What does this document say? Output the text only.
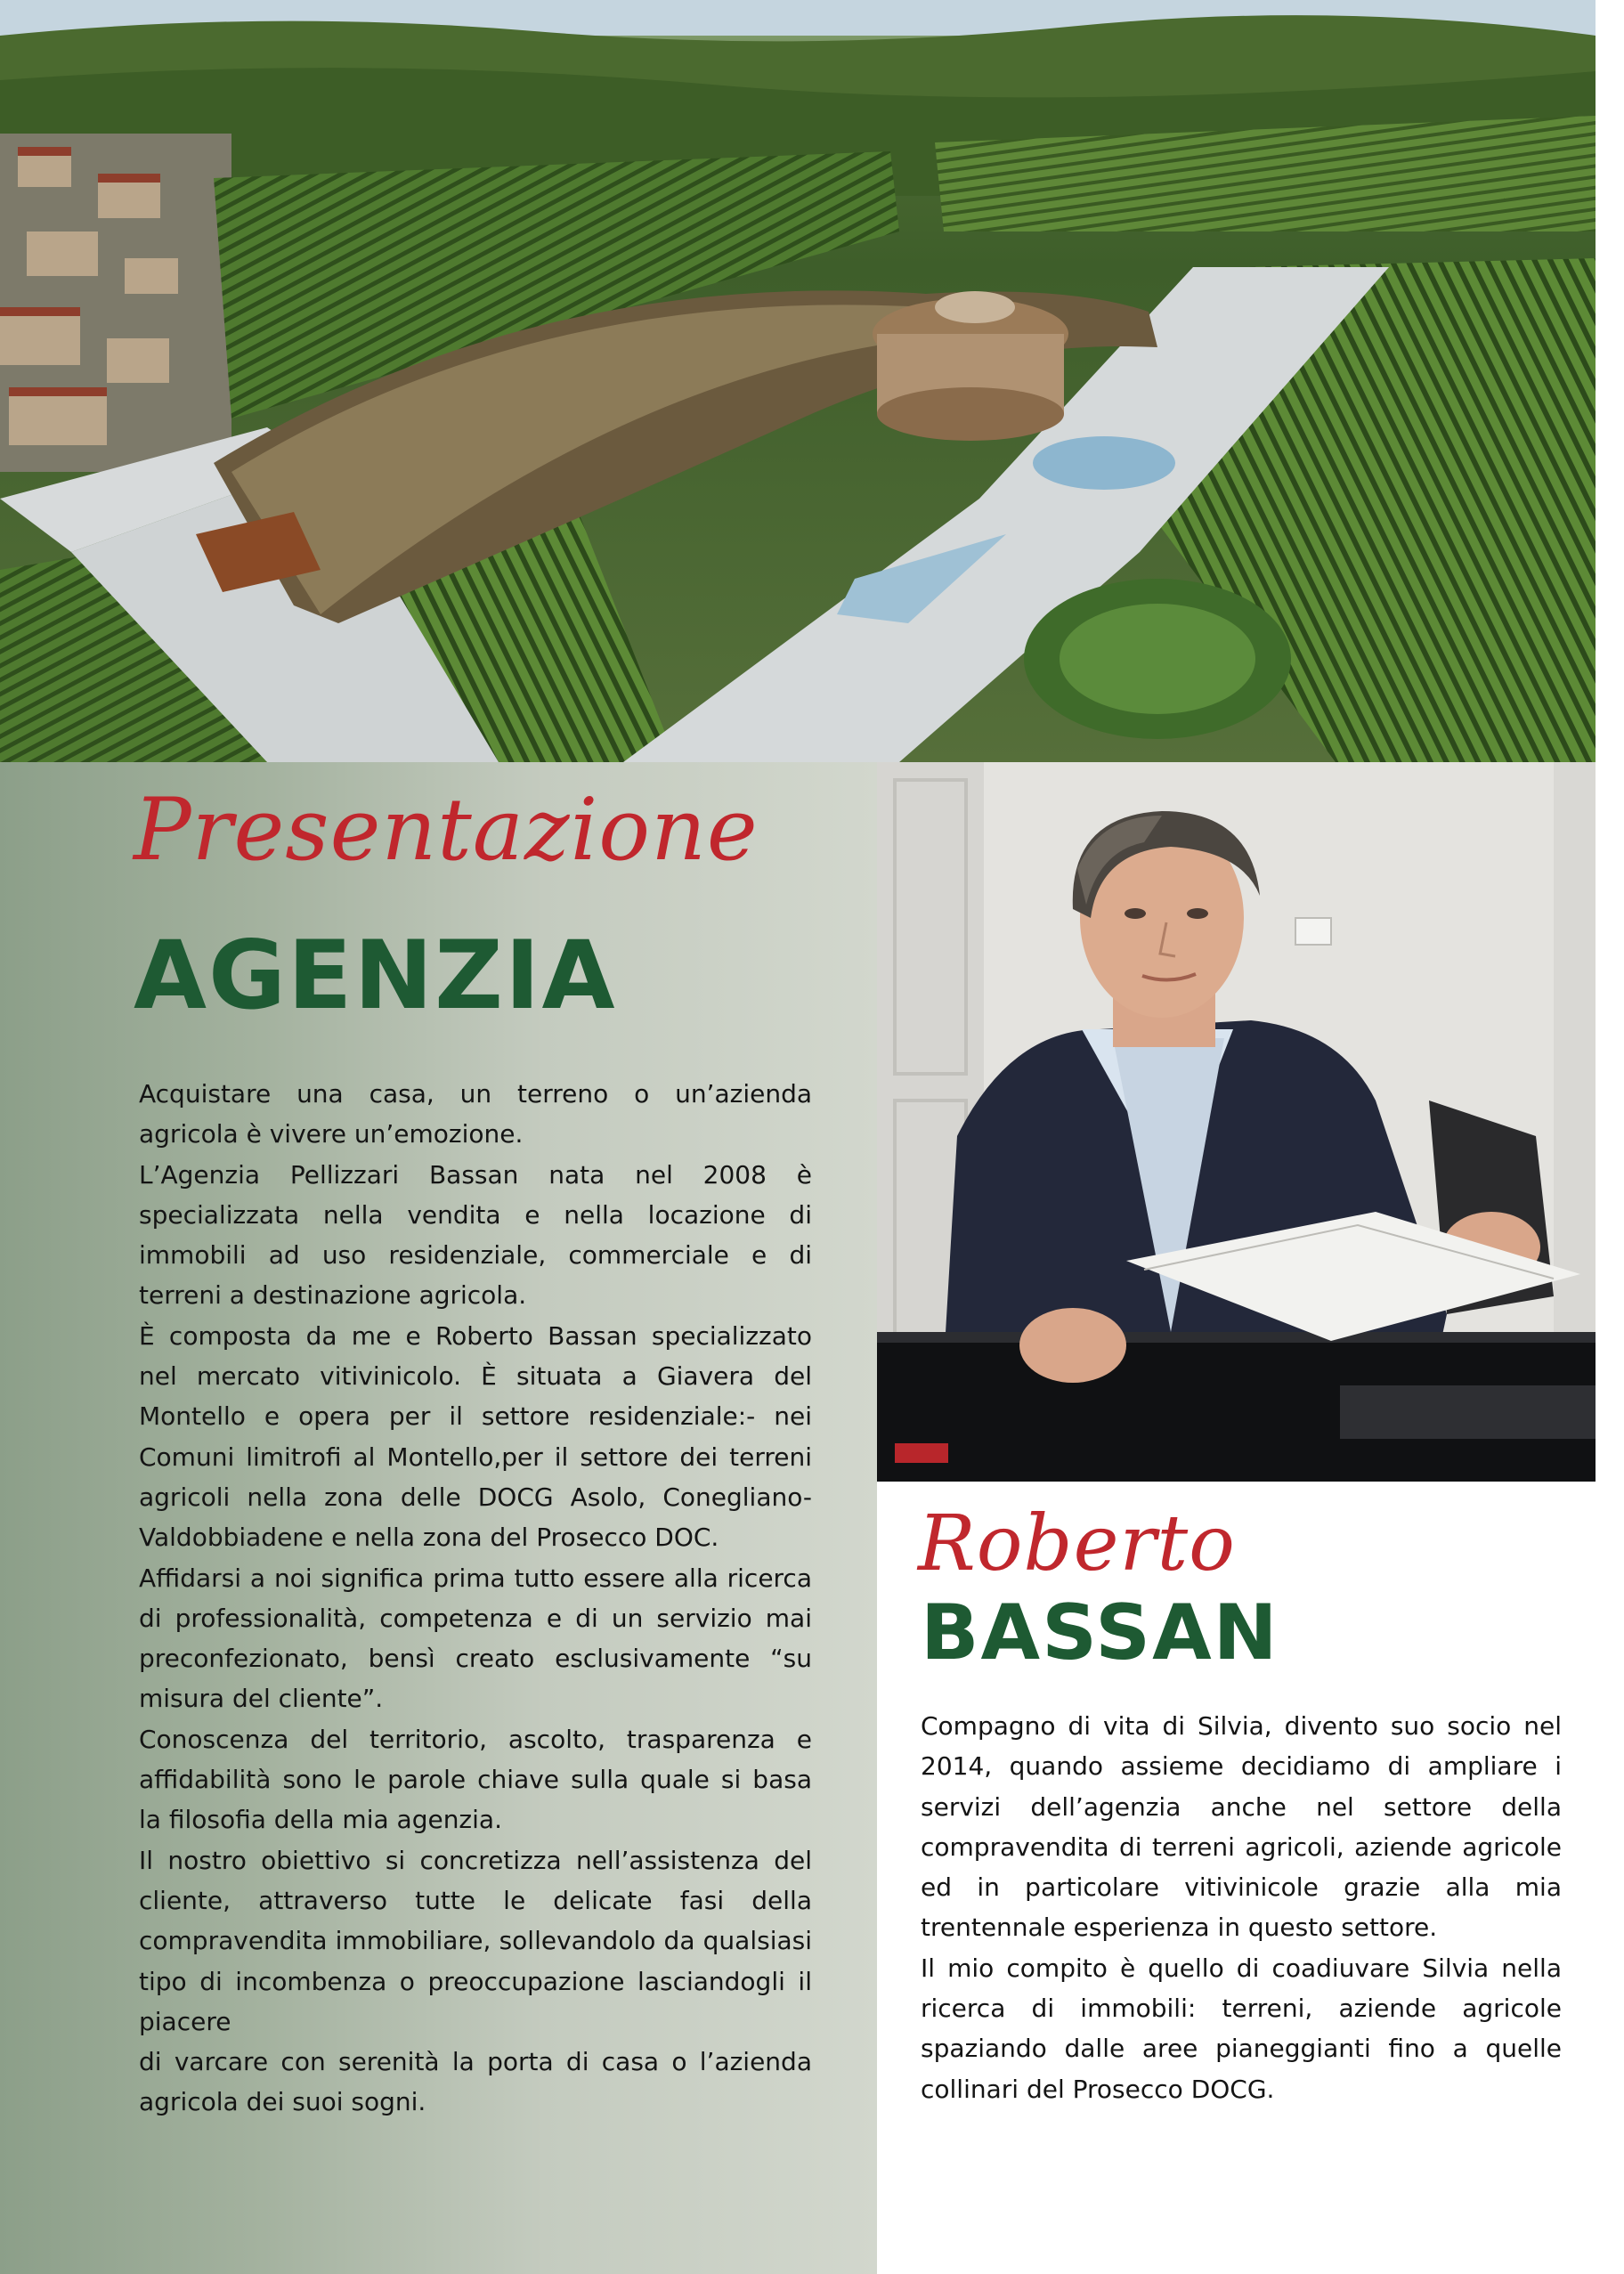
Presentazione
AGENZIA

Acquistare una casa, un terreno o un’azienda agricola è vivere un’emozione.

L’Agenzia Pellizzari Bassan nata nel 2008 è specializzata nella vendita e nella locazione di immobili ad uso residenziale, commerciale e di terreni a destinazione agricola.

È composta da me e Roberto Bassan specializzato nel mercato vitivinicolo. È situata a Giavera del Montello e opera per il settore residenziale:- nei Comuni limitrofi al Montello,per il settore dei terreni agricoli nella zona delle DOCG Asolo, Conegliano- Valdobbiadene e nella zona del Prosecco DOC.

Affidarsi a noi significa prima tutto essere alla ricerca di professionalità, competenza e di un servizio mai preconfezionato, bensì creato esclusivamente “su misura del cliente”.

Conoscenza del territorio, ascolto, trasparenza e affidabilità sono le parole chiave sulla quale si basa la filosofia della mia agenzia.

Il nostro obiettivo si concretizza nell’assistenza del cliente, attraverso tutte le delicate fasi della compravendita immobiliare, sollevandolo da qualsiasi tipo di incombenza o preoccupazione lasciandogli il piacere

di varcare con serenità la porta di casa o l’azienda agricola dei suoi sogni.

Roberto
BASSAN

Compagno di vita di Silvia, divento suo socio nel 2014, quando assieme decidiamo di ampliare i servizi dell’agenzia anche nel settore della compravendita di terreni agricoli, aziende agricole ed in particolare vitivinicole grazie alla mia trentennale esperienza in questo settore.

Il mio compito è quello di coadiuvare Silvia nella ricerca di immobili: terreni, aziende agricole spaziando dalle aree pianeggianti fino a quelle collinari del Prosecco DOCG.
